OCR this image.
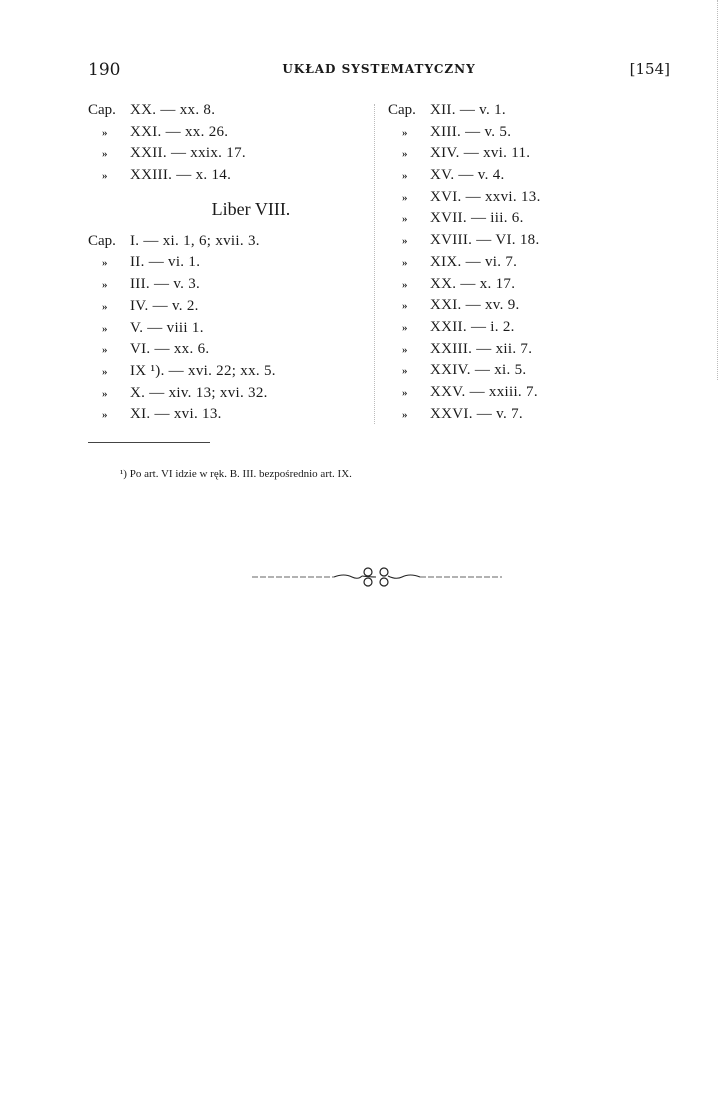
190	UKŁAD SYSTEMATYCZNY	[154]
Cap. XX. — xx. 8.
» XXI. — xx. 26.
» XXII. — xxix. 17.
» XXIII. — x. 14.
Liber VIII.
Cap. I. — xi. 1, 6; xvii. 3.
» II. — vi. 1.
» III. — v. 3.
» IV. — v. 2.
» V. — viii 1.
» VI. — xx. 6.
» IX ¹). — xvi. 22; xx. 5.
» X. — xiv. 13; xvi. 32.
» XI. — xvi. 13.
Cap. XII. — v. 1.
» XIII. — v. 5.
» XIV. — xvi. 11.
» XV. — v. 4.
» XVI. — xxvi. 13.
» XVII. — iii. 6.
» XVIII. — VI. 18.
» XIX. — vi. 7.
» XX. — x. 17.
» XXI. — xv. 9.
» XXII. — i. 2.
» XXIII. — xii. 7.
» XXIV. — xi. 5.
» XXV. — xxiii. 7.
» XXVI. — v. 7.
¹) Po art. VI idzie w ręk. B. III. bezpośrednio art. IX.
